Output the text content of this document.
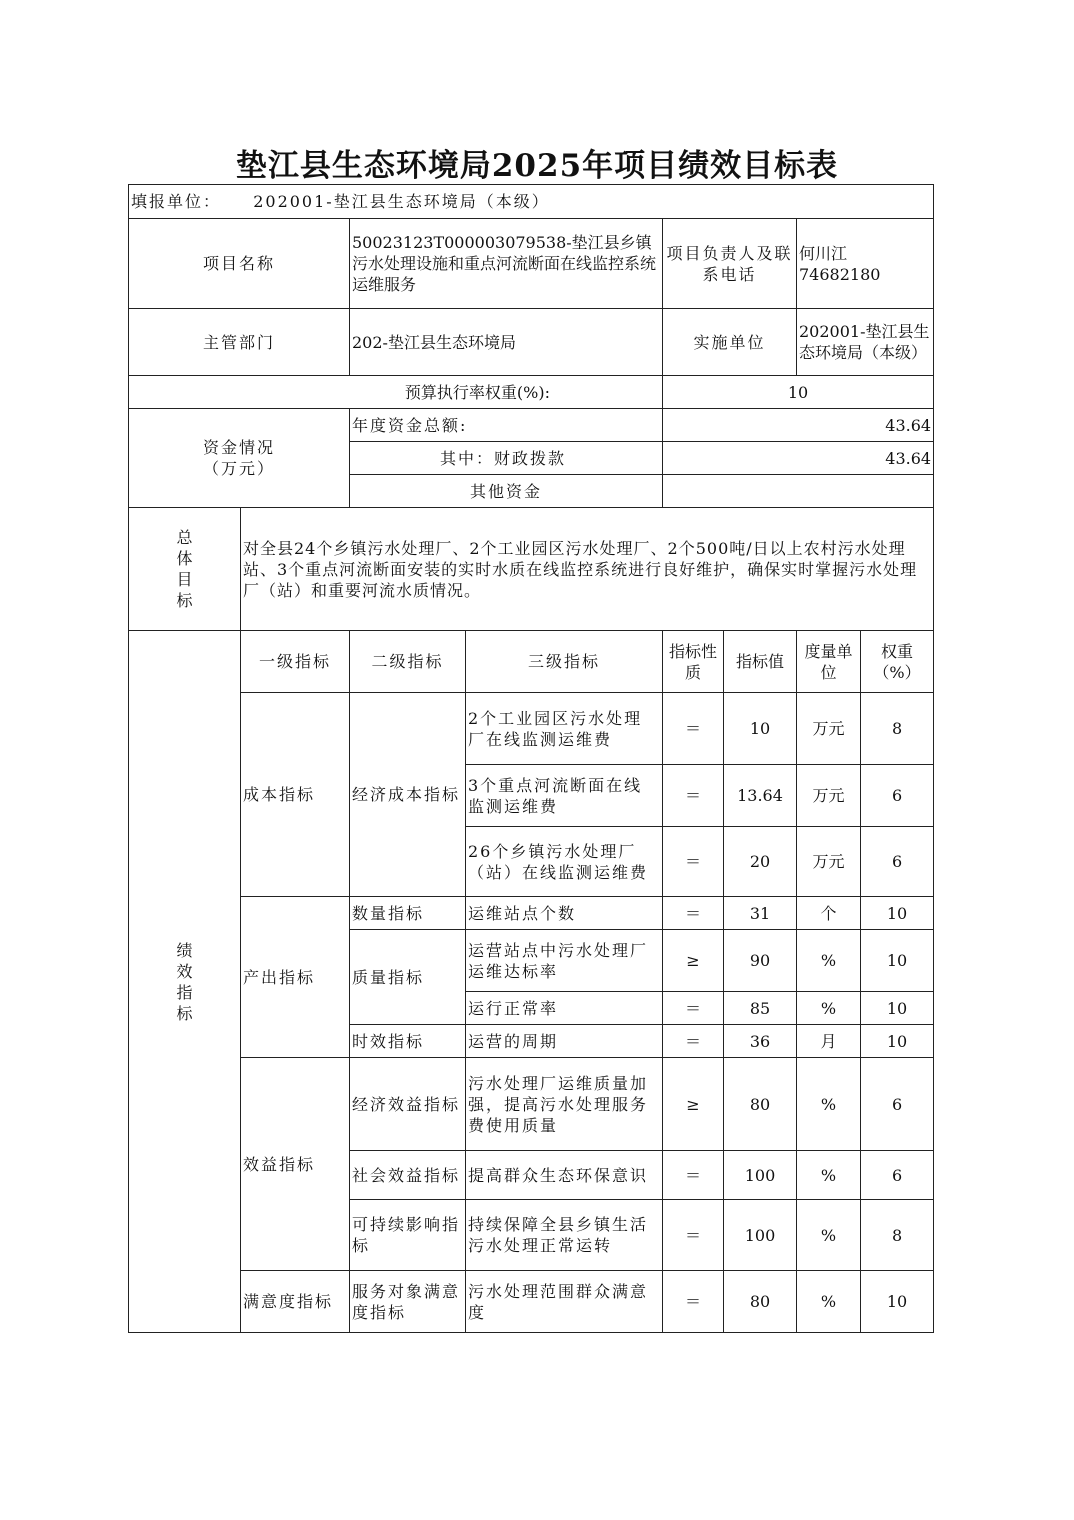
垫江县生态环境局2025年项目绩效目标表
填报单位： 202001-垫江县生态环境局（本级）							
项目名称		50023123T000003079538-垫江县乡镇污水处理设施和重点河流断面在线监控系统运维服务		项目负责人及联系电话		何川江
74682180	

主管部门		202-垫江县生态环境局		实施单位		202001-垫江县生态环境局（本级）	
预算执行率权重(%):				10			

资金情况
（万元）		年度资金总额:		43.64			
		其中：财政拨款		43.64			
		其他资金					

总
体
目
标	对全县24个乡镇污水处理厂、2个工业园区污水处理厂、2个500吨/日以上农村污水处理站、3个重点河流断面安装的实时水质在线监控系统进行良好维护，确保实时掌握污水处理厂（站）和重要河流水质情况。						

绩
效
指
标	一级指标	二级指标	三级指标	指标性质	指标值	度量单位	权重（%）
	成本指标	经济成本指标	2个工业园区污水处理厂在线监测运维费	＝	10	万元	8
			3个重点河流断面在线监测运维费	＝	13.64	万元	6
			26个乡镇污水处理厂（站）在线监测运维费	＝	20	万元	6
	产出指标	数量指标	运维站点个数	＝	31	个	10
		质量指标	运营站点中污水处理厂运维达标率	≥	90	%	10
			运行正常率	＝	85	%	10
		时效指标	运营的周期	＝	36	月	10
	效益指标	经济效益指标	污水处理厂运维质量加强，提高污水处理服务费使用质量	≥	80	%	6
		社会效益指标	提高群众生态环保意识	＝	100	%	6
		可持续影响指标	持续保障全县乡镇生活污水处理正常运转	＝	100	%	8
	满意度指标	服务对象满意度指标	污水处理范围群众满意度	＝	80	%	10
